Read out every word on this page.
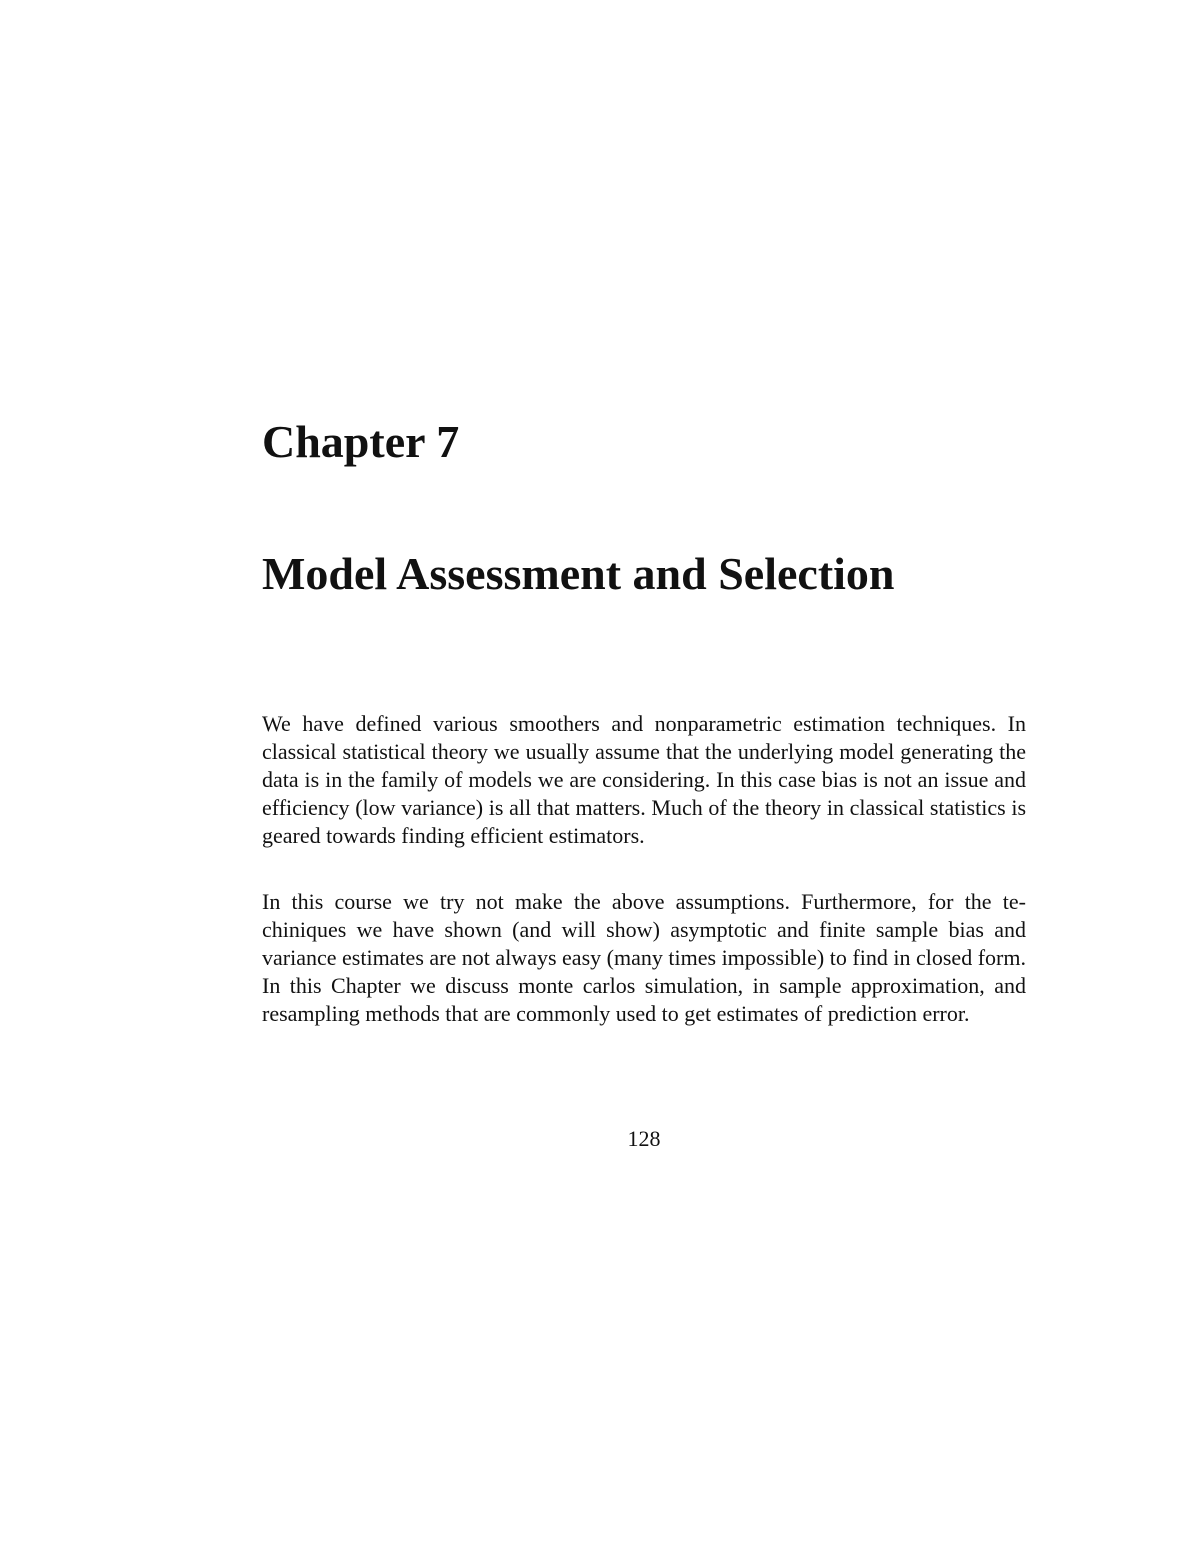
Chapter 7
Model Assessment and Selection

We have defined various smoothers and nonparametric estimation techniques. In classical statistical theory we usually assume that the underlying model generating the data is in the family of models we are considering. In this case bias is not an issue and efficiency (low variance) is all that matters. Much of the theory in classical statistics is geared towards finding efficient estimators.

In this course we try not make the above assumptions. Furthermore, for the techiniques we have shown (and will show) asymptotic and finite sample bias and variance estimates are not always easy (many times impossible) to find in closed form. In this Chapter we discuss monte carlos simulation, in sample approximation, and resampling methods that are commonly used to get estimates of prediction error.

128
